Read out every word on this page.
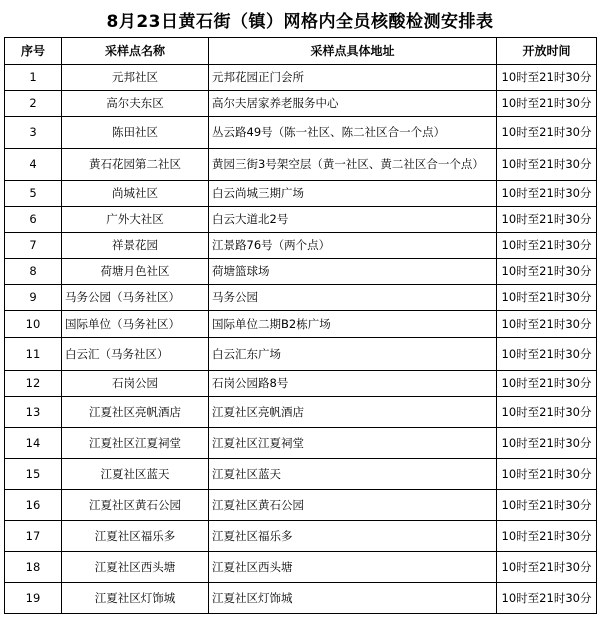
8月23日黄石街（镇）网格内全员核酸检测安排表
序号	采样点名称	采样点具体地址	开放时间
1	元邦社区	元邦花园正门会所	10时至21时30分
2	高尔夫东区	高尔夫居家养老服务中心	10时至21时30分
3	陈田社区	丛云路49号（陈一社区、陈二社区合一个点）	10时至21时30分
4	黄石花园第二社区	黄园三街3号架空层（黄一社区、黄二社区合一个点）	10时至21时30分
5	尚城社区	白云尚城三期广场	10时至21时30分
6	广外大社区	白云大道北2号	10时至21时30分
7	祥景花园	江景路76号（两个点）	10时至21时30分
8	荷塘月色社区	荷塘篮球场	10时至21时30分
9	马务公园（马务社区）	马务公园	10时至21时30分
10	国际单位（马务社区）	国际单位二期B2栋广场	10时至21时30分
11	白云汇（马务社区）	白云汇东广场	10时至21时30分
12	石岗公园	石岗公园路8号	10时至21时30分
13	江夏社区亮帆酒店	江夏社区亮帆酒店	10时至21时30分
14	江夏社区江夏祠堂	江夏社区江夏祠堂	10时至21时30分
15	江夏社区蓝天	江夏社区蓝天	10时至21时30分
16	江夏社区黄石公园	江夏社区黄石公园	10时至21时30分
17	江夏社区福乐多	江夏社区福乐多	10时至21时30分
18	江夏社区西头塘	江夏社区西头塘	10时至21时30分
19	江夏社区灯饰城	江夏社区灯饰城	10时至21时30分
